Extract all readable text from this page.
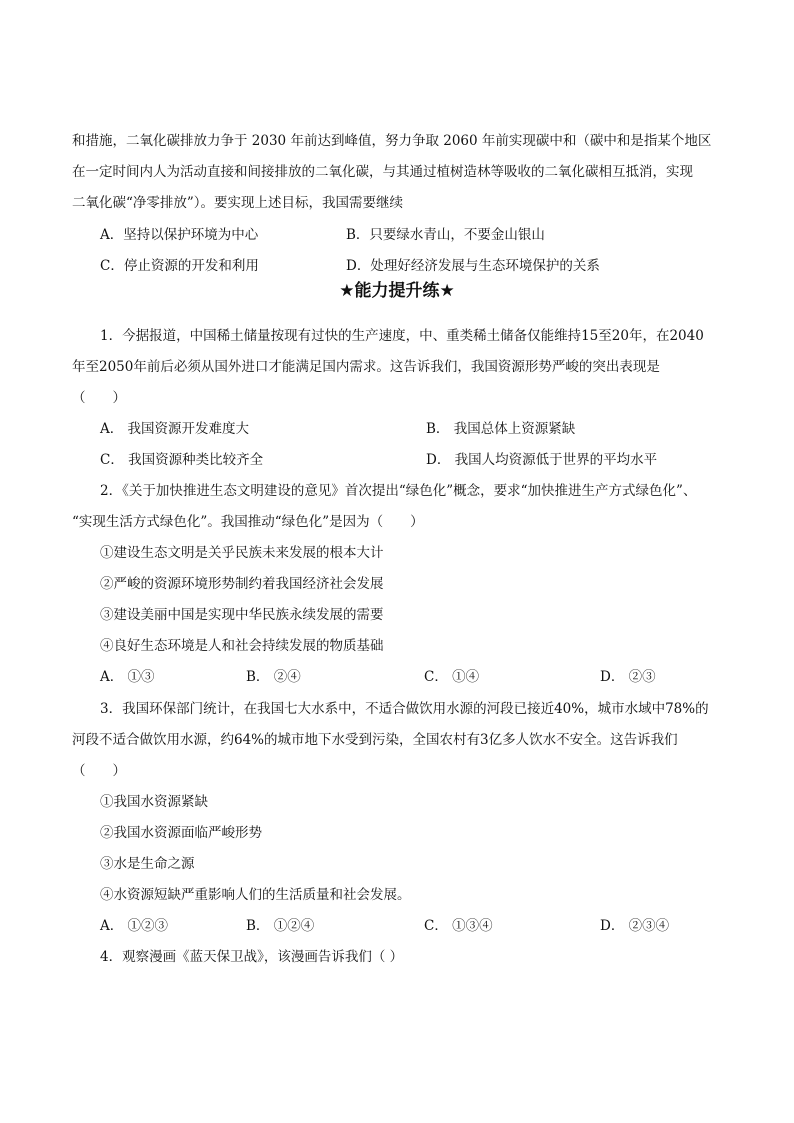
和措施，二氧化碳排放力争于 2030 年前达到峰值，努力争取 2060 年前实现碳中和（碳中和是指某个地区
在一定时间内人为活动直接和间接排放的二氧化碳，与其通过植树造林等吸收的二氧化碳相互抵消，实现
二氧化碳“净零排放”）。要实现上述目标，我国需要继续
A．坚持以保护环境为中心	B．只要绿水青山，不要金山银山
C．停止资源的开发和利用	D．处理好经济发展与生态环境保护的关系
★能力提升练★
1．今据报道，中国稀土储量按现有过快的生产速度，中、重类稀土储备仅能维持15至20年，在2040
年至2050年前后必须从国外进口才能满足国内需求。这告诉我们，我国资源形势严峻的突出表现是
（　　）
A． 我国资源开发难度大	B． 我国总体上资源紧缺
C． 我国资源种类比较齐全	D． 我国人均资源低于世界的平均水平
2．《关于加快推进生态文明建设的意见》首次提出“绿色化”概念，要求“加快推进生产方式绿色化”、
“实现生活方式绿色化”。我国推动“绿色化”是因为（　　）
①建设生态文明是关乎民族未来发展的根本大计
②严峻的资源环境形势制约着我国经济社会发展
③建设美丽中国是实现中华民族永续发展的需要
④良好生态环境是人和社会持续发展的物质基础
A． ①③	B． ②④	C． ①④	D． ②③
3．我国环保部门统计，在我国七大水系中，不适合做饮用水源的河段已接近40%，城市水域中78%的
河段不适合做饮用水源，约64%的城市地下水受到污染，全国农村有3亿多人饮水不安全。这告诉我们
（　　）
①我国水资源紧缺
②我国水资源面临严峻形势
③水是生命之源
④水资源短缺严重影响人们的生活质量和社会发展。
A． ①②③	B． ①②④	C． ①③④	D． ②③④
4．观察漫画《蓝天保卫战》，该漫画告诉我们（ ）
